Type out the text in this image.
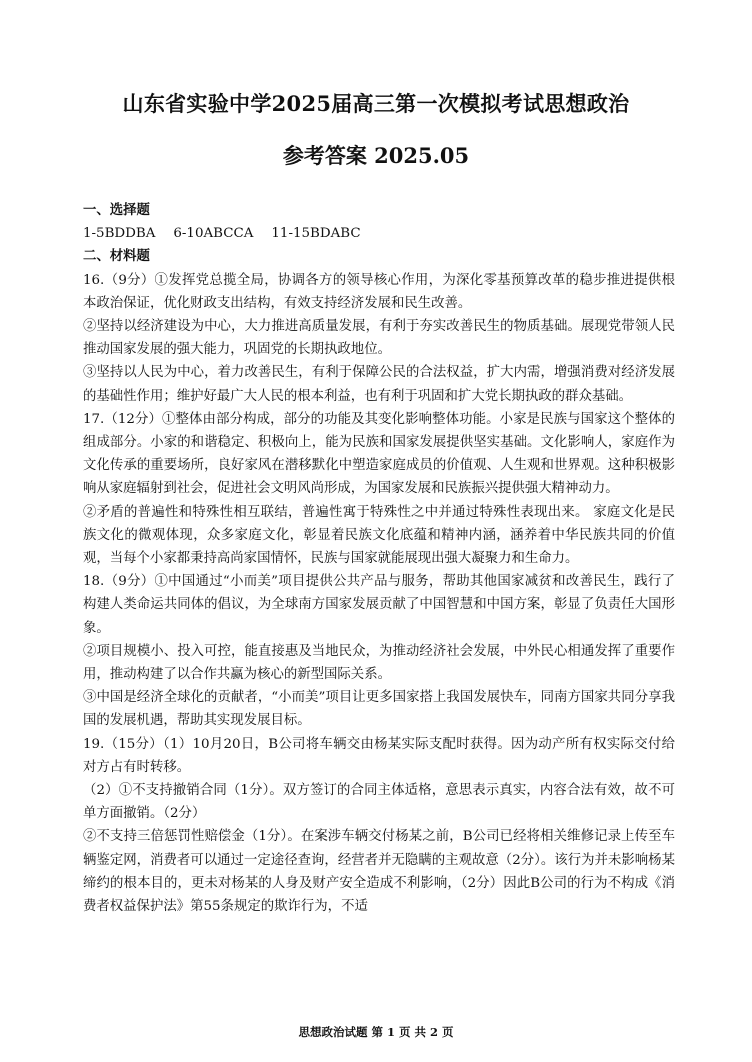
山东省实验中学2025届高三第一次模拟考试思想政治
参考答案 2025.05

一、选择题

1-5BDDBA 6-10ABCCA 11-15BDABC

二、材料题

16.（9分）①发挥党总揽全局，协调各方的领导核心作用，为深化零基预算改革的稳步推进提供根本政治保证，优化财政支出结构，有效支持经济发展和民生改善。

②坚持以经济建设为中心，大力推进高质量发展，有利于夯实改善民生的物质基础。展现党带领人民推动国家发展的强大能力，巩固党的长期执政地位。

③坚持以人民为中心，着力改善民生，有利于保障公民的合法权益，扩大内需，增强消费对经济发展的基础性作用；维护好最广大人民的根本利益，也有利于巩固和扩大党长期执政的群众基础。

17.（12分）①整体由部分构成，部分的功能及其变化影响整体功能。小家是民族与国家这个整体的组成部分。小家的和谐稳定、积极向上，能为民族和国家发展提供坚实基础。文化影响人，家庭作为文化传承的重要场所，良好家风在潜移默化中塑造家庭成员的价值观、人生观和世界观。这种积极影响从家庭辐射到社会，促进社会文明风尚形成，为国家发展和民族振兴提供强大精神动力。

②矛盾的普遍性和特殊性相互联结，普遍性寓于特殊性之中并通过特殊性表现出来。 家庭文化是民族文化的微观体现，众多家庭文化，彰显着民族文化底蕴和精神内涵，涵养着中华民族共同的价值观，当每个小家都秉持高尚家国情怀，民族与国家就能展现出强大凝聚力和生命力。

18.（9分）①中国通过“小而美”项目提供公共产品与服务，帮助其他国家减贫和改善民生，践行了构建人类命运共同体的倡议，为全球南方国家发展贡献了中国智慧和中国方案，彰显了负责任大国形象。

②项目规模小、投入可控，能直接惠及当地民众，为推动经济社会发展，中外民心相通发挥了重要作用，推动构建了以合作共赢为核心的新型国际关系。

③中国是经济全球化的贡献者，“小而美”项目让更多国家搭上我国发展快车，同南方国家共同分享我国的发展机遇，帮助其实现发展目标。

19.（15分）（1）10月20日，B公司将车辆交由杨某实际支配时获得。因为动产所有权实际交付给对方占有时转移。

（2）①不支持撤销合同（1分）。双方签订的合同主体适格，意思表示真实，内容合法有效，故不可单方面撤销。（2分）

②不支持三倍惩罚性赔偿金（1分）。在案涉车辆交付杨某之前，B公司已经将相关维修记录上传至车辆鉴定网，消费者可以通过一定途径查询，经营者并无隐瞒的主观故意（2分）。该行为并未影响杨某缔约的根本目的，更未对杨某的人身及财产安全造成不利影响，（2分）因此B公司的行为不构成《消费者权益保护法》第55条规定的欺诈行为，不适

思想政治试题 第 1 页 共 2 页
